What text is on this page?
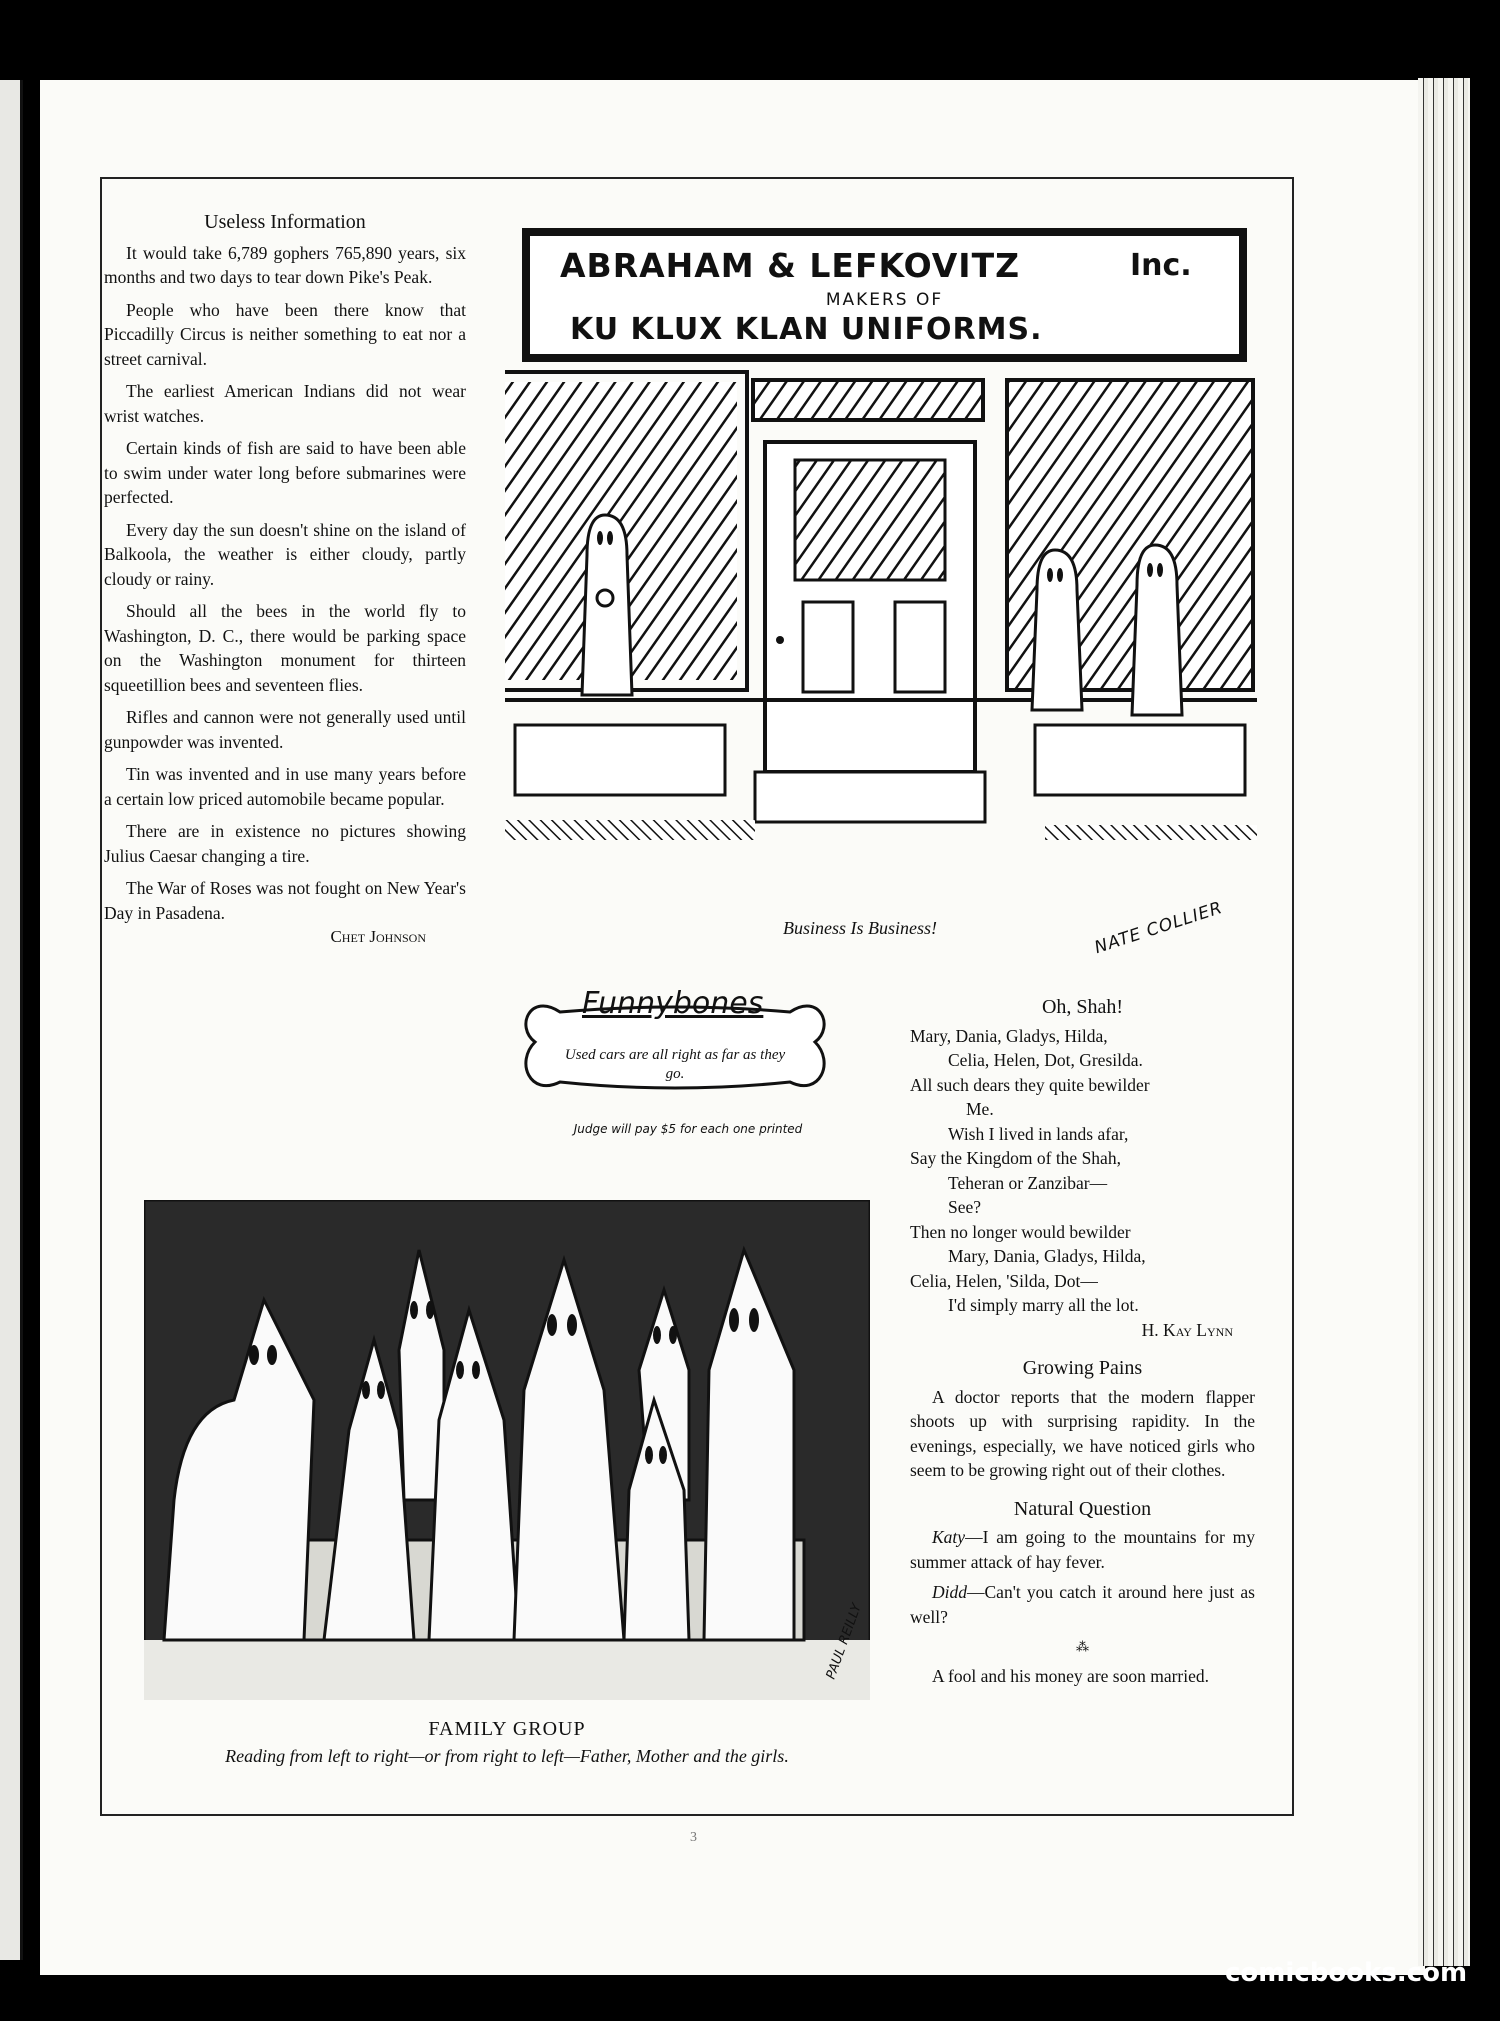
Useless Information

It would take 6,789 gophers 765,890 years, six months and two days to tear down Pike's Peak.

People who have been there know that Piccadilly Circus is neither something to eat nor a street carnival.

The earliest American Indians did not wear wrist watches.

Certain kinds of fish are said to have been able to swim under water long before submarines were perfected.

Every day the sun doesn't shine on the island of Balkoola, the weather is either cloudy, partly cloudy or rainy.

Should all the bees in the world fly to Washington, D. C., there would be parking space on the Washington monument for thirteen squeetillion bees and seventeen flies.

Rifles and cannon were not generally used until gunpowder was invented.

Tin was invented and in use many years before a certain low priced automobile became popular.

There are in existence no pictures showing Julius Caesar changing a tire.

The War of Roses was not fought on New Year's Day in Pasadena.

Chet Johnson
ABRAHAM & LEFKOVITZ	Inc.
MAKERS OF
KU KLUX KLAN UNIFORMS.
Business Is Business!	NATE COLLIER
Funnybones
Used cars are all right as far as they go.
Judge will pay $5 for each one printed
Oh, Shah!
Mary, Dania, Gladys, Hilda,
Celia, Helen, Dot, Gresilda.
All such dears they quite bewilder
Me.
Wish I lived in lands afar,
Say the Kingdom of the Shah,
Teheran or Zanzibar—
See?
Then no longer would bewilder
Mary, Dania, Gladys, Hilda,
Celia, Helen, 'Silda, Dot—
I'd simply marry all the lot.
H. Kay Lynn
Growing Pains

A doctor reports that the modern flapper shoots up with surprising rapidity. In the evenings, especially, we have noticed girls who seem to be growing right out of their clothes.

Natural Question

Katy—I am going to the mountains for my summer attack of hay fever.

Didd—Can't you catch it around here just as well?

⁂

A fool and his money are soon married.

PAUL REILLY
FAMILY GROUP
Reading from left to right—or from right to left—Father, Mother and the girls.
3
comicbooks.com
